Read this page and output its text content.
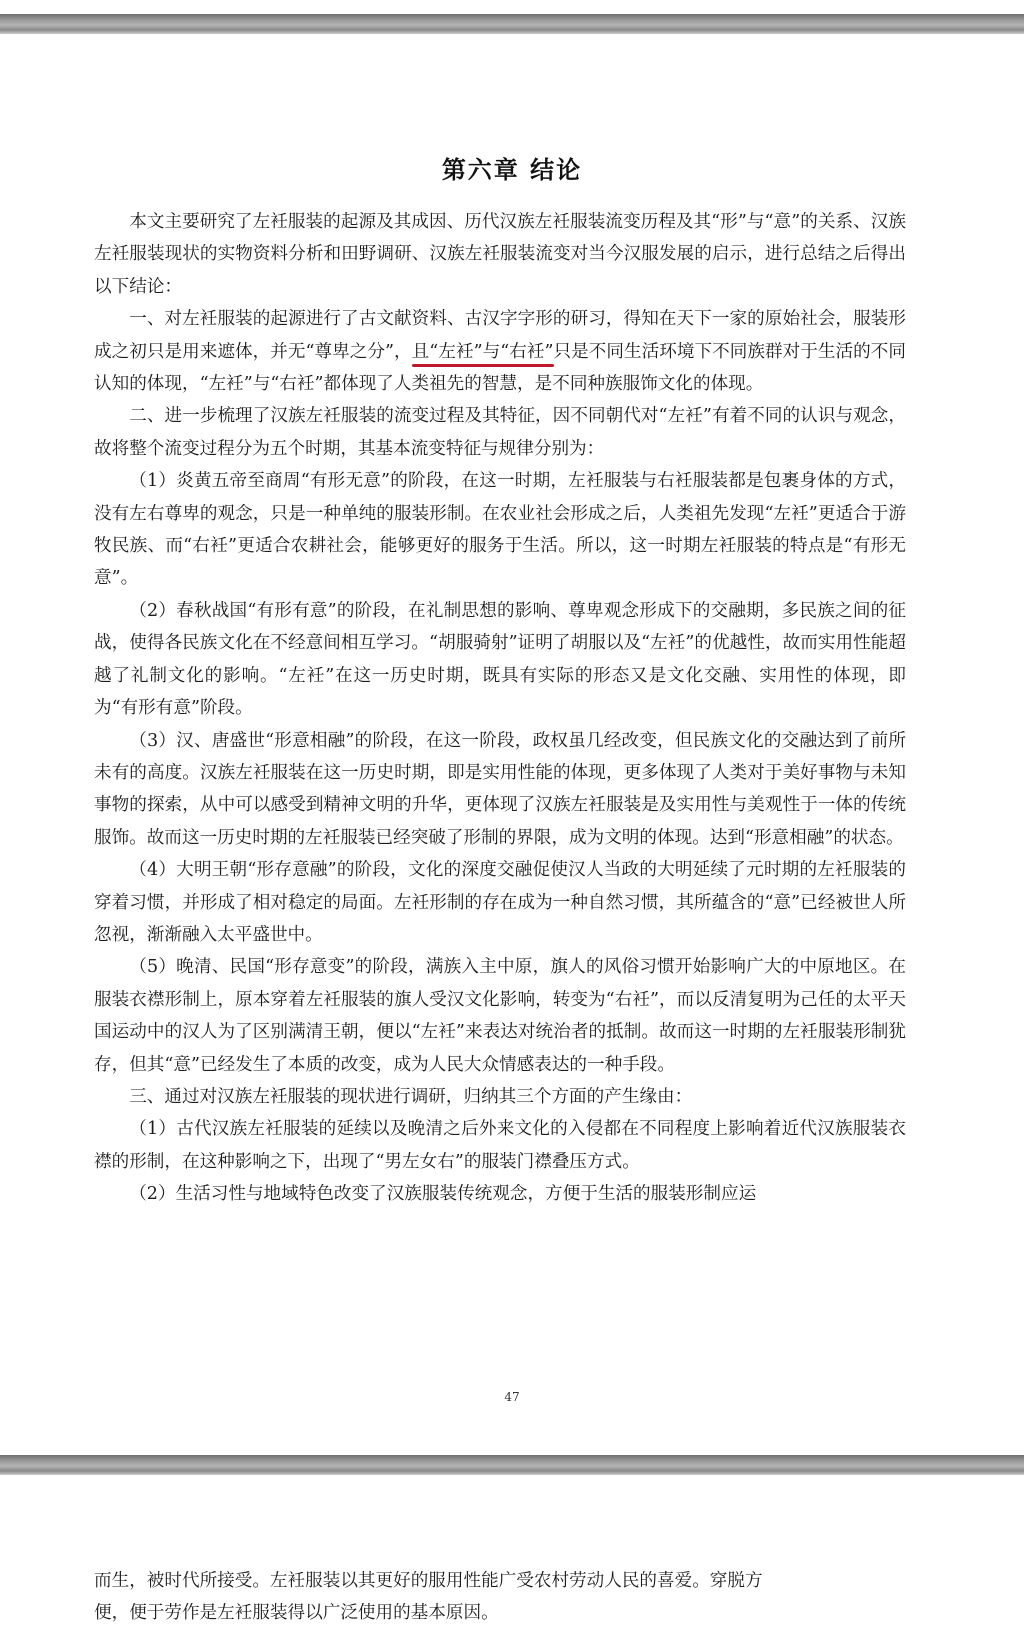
第六章 结论

本文主要研究了左衽服装的起源及其成因、历代汉族左衽服装流变历程及其“形”与“意”的关系、汉族左衽服装现状的实物资料分析和田野调研、汉族左衽服装流变对当今汉服发展的启示，进行总结之后得出以下结论：

一、对左衽服装的起源进行了古文献资料、古汉字字形的研习，得知在天下一家的原始社会，服装形成之初只是用来遮体，并无“尊卑之分”，且“左衽”与“右衽”只是不同生活环境下不同族群对于生活的不同认知的体现，“左衽”与“右衽”都体现了人类祖先的智慧，是不同种族服饰文化的体现。

二、进一步梳理了汉族左衽服装的流变过程及其特征，因不同朝代对“左衽”有着不同的认识与观念，故将整个流变过程分为五个时期，其基本流变特征与规律分别为：

（1）炎黄五帝至商周“有形无意”的阶段，在这一时期，左衽服装与右衽服装都是包裹身体的方式，没有左右尊卑的观念，只是一种单纯的服装形制。在农业社会形成之后，人类祖先发现“左衽”更适合于游牧民族、而“右衽”更适合农耕社会，能够更好的服务于生活。所以，这一时期左衽服装的特点是“有形无意”。

（2）春秋战国“有形有意”的阶段，在礼制思想的影响、尊卑观念形成下的交融期，多民族之间的征战，使得各民族文化在不经意间相互学习。“胡服骑射”证明了胡服以及“左衽”的优越性，故而实用性能超越了礼制文化的影响。“左衽”在这一历史时期，既具有实际的形态又是文化交融、实用性的体现，即为“有形有意”阶段。

（3）汉、唐盛世“形意相融”的阶段，在这一阶段，政权虽几经改变，但民族文化的交融达到了前所未有的高度。汉族左衽服装在这一历史时期，即是实用性能的体现，更多体现了人类对于美好事物与未知事物的探索，从中可以感受到精神文明的升华，更体现了汉族左衽服装是及实用性与美观性于一体的传统服饰。故而这一历史时期的左衽服装已经突破了形制的界限，成为文明的体现。达到“形意相融”的状态。

（4）大明王朝“形存意融”的阶段，文化的深度交融促使汉人当政的大明延续了元时期的左衽服装的穿着习惯，并形成了相对稳定的局面。左衽形制的存在成为一种自然习惯，其所蕴含的“意”已经被世人所忽视，渐渐融入太平盛世中。

（5）晚清、民国“形存意变”的阶段，满族入主中原，旗人的风俗习惯开始影响广大的中原地区。在服装衣襟形制上，原本穿着左衽服装的旗人受汉文化影响，转变为“右衽”，而以反清复明为己任的太平天国运动中的汉人为了区别满清王朝，便以“左衽”来表达对统治者的抵制。故而这一时期的左衽服装形制犹存，但其“意”已经发生了本质的改变，成为人民大众情感表达的一种手段。

三、通过对汉族左衽服装的现状进行调研，归纳其三个方面的产生缘由：

（1）古代汉族左衽服装的延续以及晚清之后外来文化的入侵都在不同程度上影响着近代汉族服装衣襟的形制，在这种影响之下，出现了“男左女右”的服装门襟叠压方式。

（2）生活习性与地域特色改变了汉族服装传统观念，方便于生活的服装形制应运

47

而生，被时代所接受。左衽服装以其更好的服用性能广受农村劳动人民的喜爱。穿脱方

便，便于劳作是左衽服装得以广泛使用的基本原因。
